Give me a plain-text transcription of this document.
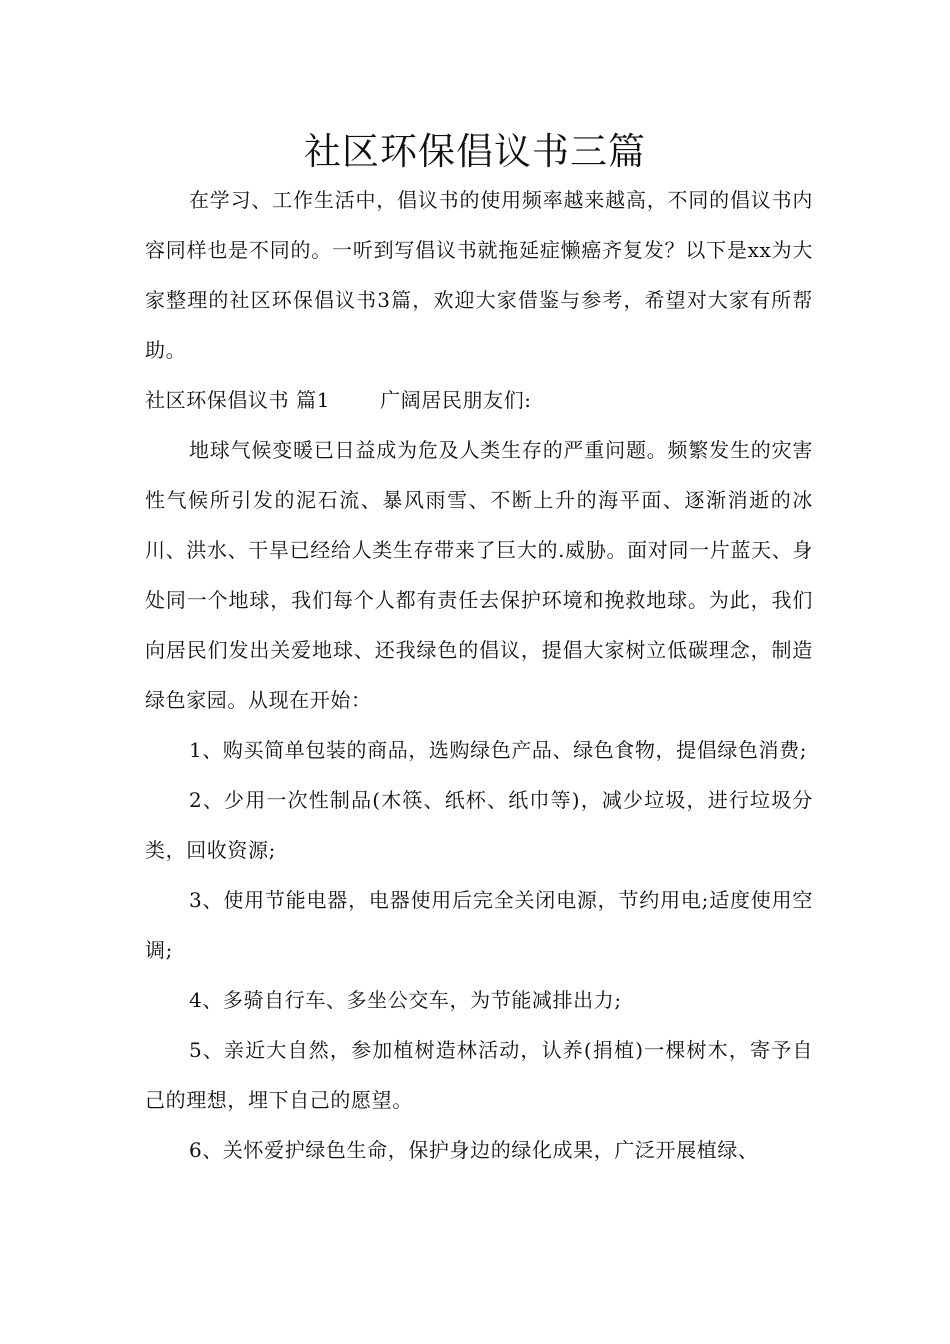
社区环保倡议书三篇

在学习、工作生活中，倡议书的使用频率越来越高，不同的倡议书内容同样也是不同的。一听到写倡议书就拖延症懒癌齐复发？以下是xx为大家整理的社区环保倡议书3篇，欢迎大家借鉴与参考，希望对大家有所帮助。

社区环保倡议书 篇1	广阔居民朋友们:

地球气候变暖已日益成为危及人类生存的严重问题。频繁发生的灾害性气候所引发的泥石流、暴风雨雪、不断上升的海平面、逐渐消逝的冰川、洪水、干旱已经给人类生存带来了巨大的.威胁。面对同一片蓝天、身处同一个地球，我们每个人都有责任去保护环境和挽救地球。为此，我们向居民们发出关爱地球、还我绿色的倡议，提倡大家树立低碳理念，制造绿色家园。从现在开始：

1、购买简单包装的商品，选购绿色产品、绿色食物，提倡绿色消费;

2、少用一次性制品(木筷、纸杯、纸巾等)，减少垃圾，进行垃圾分类，回收资源;

3、使用节能电器，电器使用后完全关闭电源，节约用电;适度使用空调;

4、多骑自行车、多坐公交车，为节能减排出力;

5、亲近大自然，参加植树造林活动，认养(捐植)一棵树木，寄予自己的理想，埋下自己的愿望。

6、关怀爱护绿色生命，保护身边的绿化成果，广泛开展植绿、
